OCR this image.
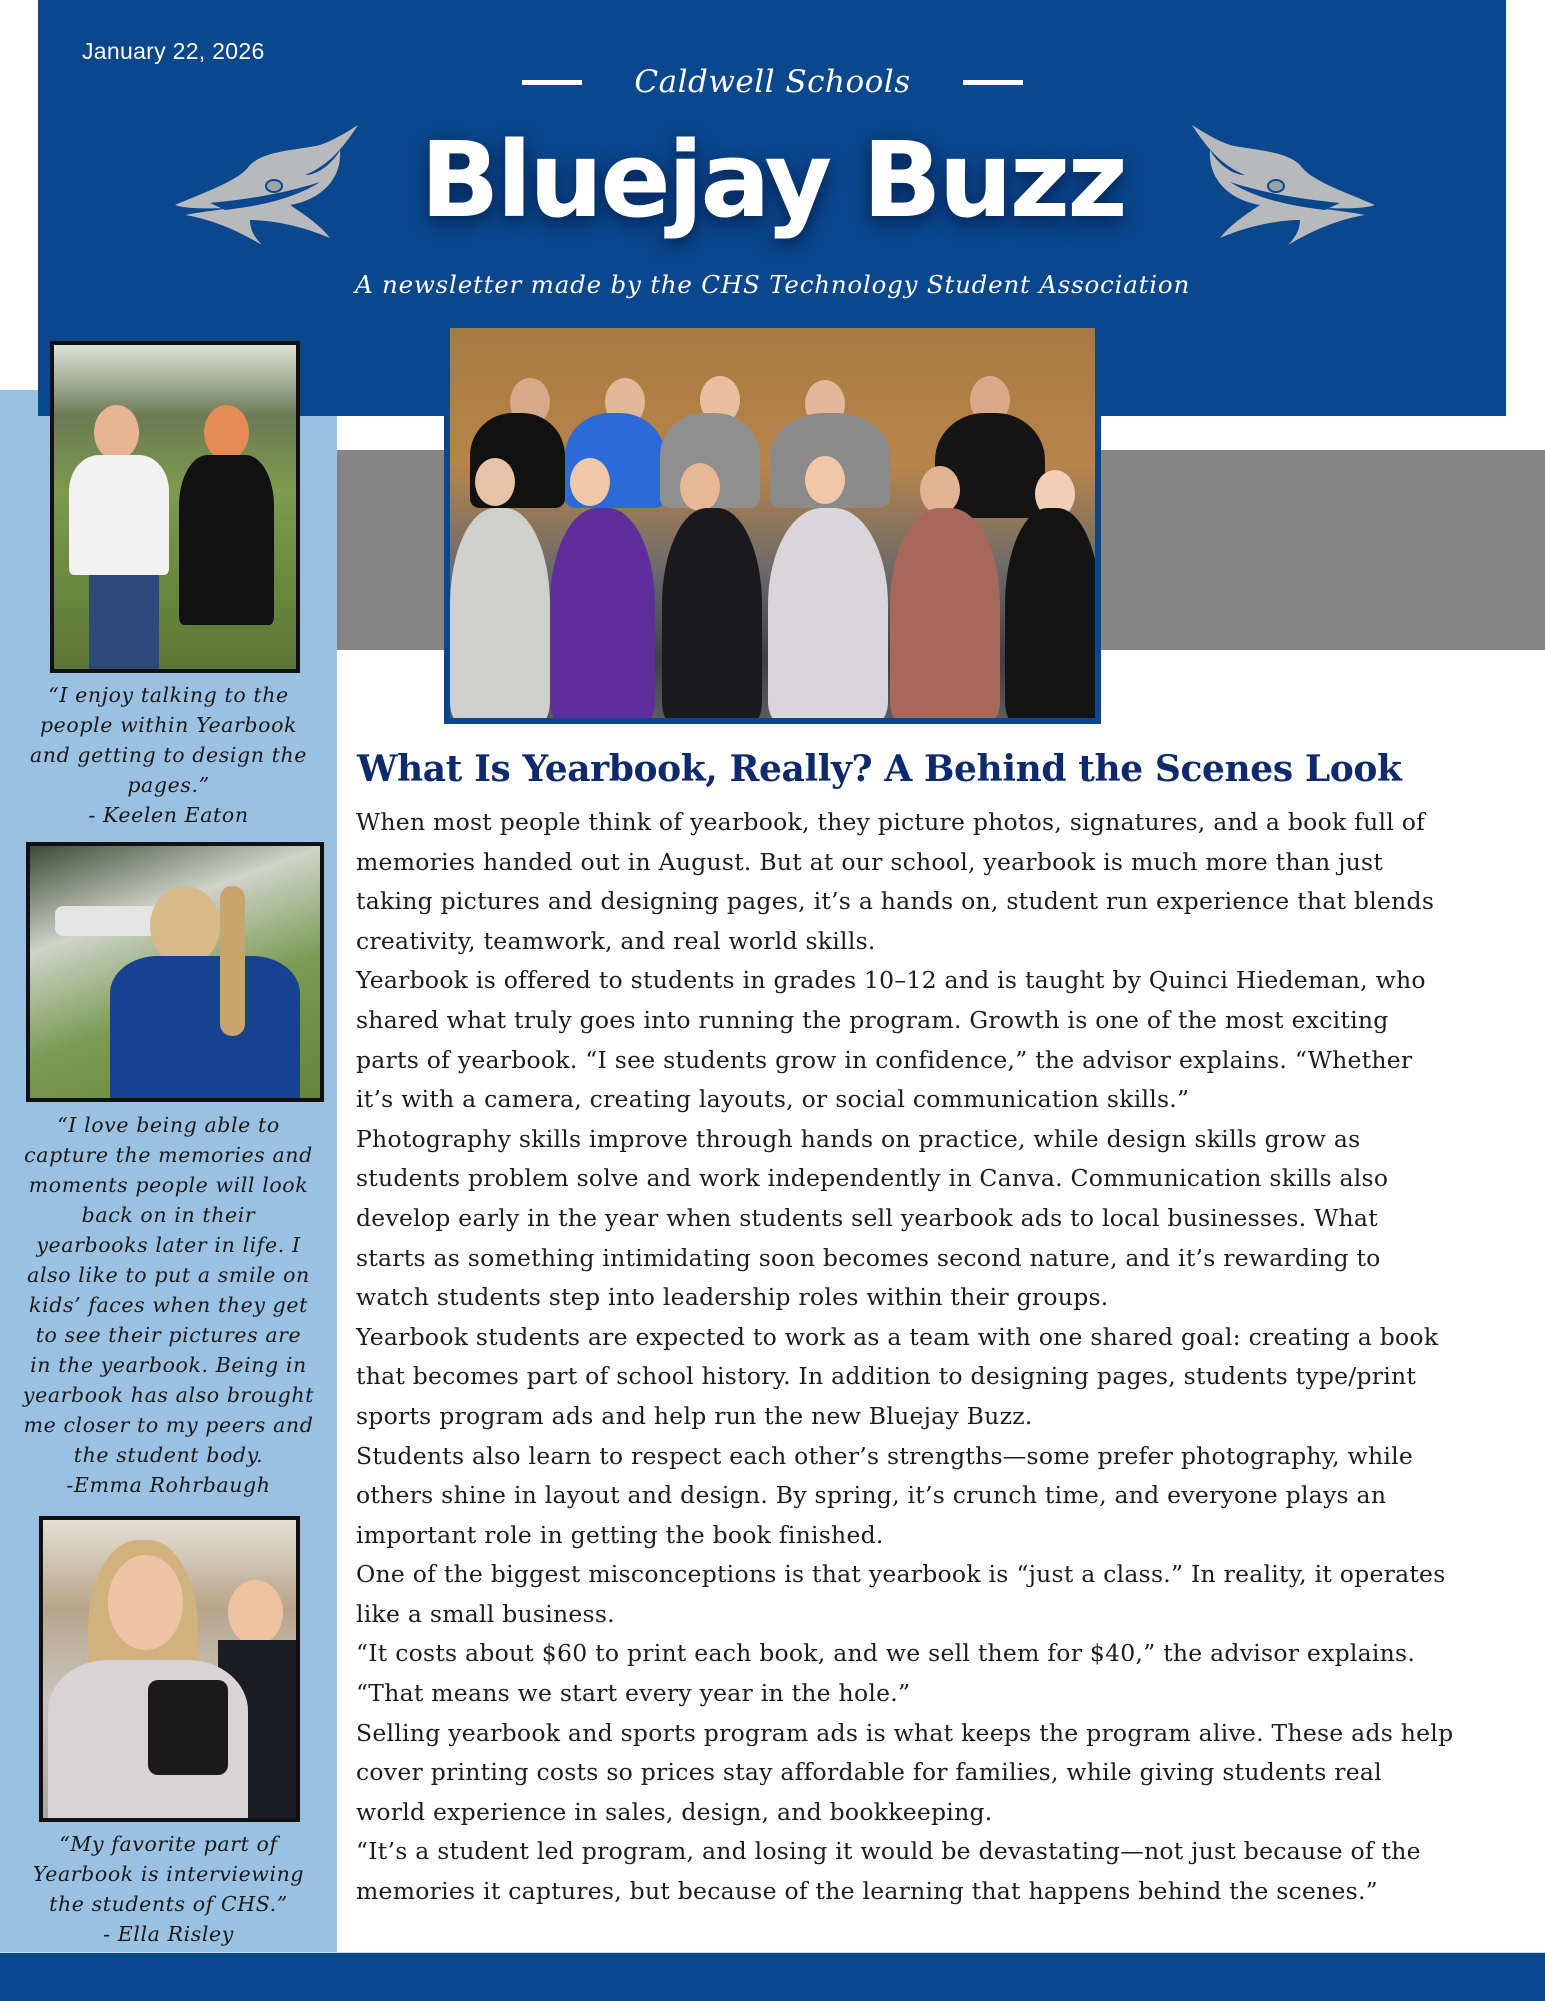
January 22, 2026
Caldwell Schools
Bluejay Buzz
A newsletter made by the CHS Technology Student Association
“I enjoy talking to the
people within Yearbook
and getting to design the
pages.”
- Keelen Eaton
“I love being able to
capture the memories and
moments people will look
back on in their
yearbooks later in life. I
also like to put a smile on
kids’ faces when they get
to see their pictures are
in the yearbook. Being in
yearbook has also brought
me closer to my peers and
the student body.
-Emma Rohrbaugh
“My favorite part of
Yearbook is interviewing
the students of CHS.”
- Ella Risley
What Is Yearbook, Really? A Behind the Scenes Look
When most people think of yearbook, they picture photos, signatures, and a book full of
memories handed out in August. But at our school, yearbook is much more than just
taking pictures and designing pages, it’s a hands on, student run experience that blends
creativity, teamwork, and real world skills.
Yearbook is offered to students in grades 10–12 and is taught by Quinci Hiedeman, who
shared what truly goes into running the program. Growth is one of the most exciting
parts of yearbook. “I see students grow in confidence,” the advisor explains. “Whether
it’s with a camera, creating layouts, or social communication skills.”
Photography skills improve through hands on practice, while design skills grow as
students problem solve and work independently in Canva. Communication skills also
develop early in the year when students sell yearbook ads to local businesses. What
starts as something intimidating soon becomes second nature, and it’s rewarding to
watch students step into leadership roles within their groups.
Yearbook students are expected to work as a team with one shared goal: creating a book
that becomes part of school history. In addition to designing pages, students type/print
sports program ads and help run the new Bluejay Buzz.
Students also learn to respect each other’s strengths—some prefer photography, while
others shine in layout and design. By spring, it’s crunch time, and everyone plays an
important role in getting the book finished.
One of the biggest misconceptions is that yearbook is “just a class.” In reality, it operates
like a small business.
“It costs about $60 to print each book, and we sell them for $40,” the advisor explains.
“That means we start every year in the hole.”
Selling yearbook and sports program ads is what keeps the program alive. These ads help
cover printing costs so prices stay affordable for families, while giving students real
world experience in sales, design, and bookkeeping.
“It’s a student led program, and losing it would be devastating—not just because of the
memories it captures, but because of the learning that happens behind the scenes.”
